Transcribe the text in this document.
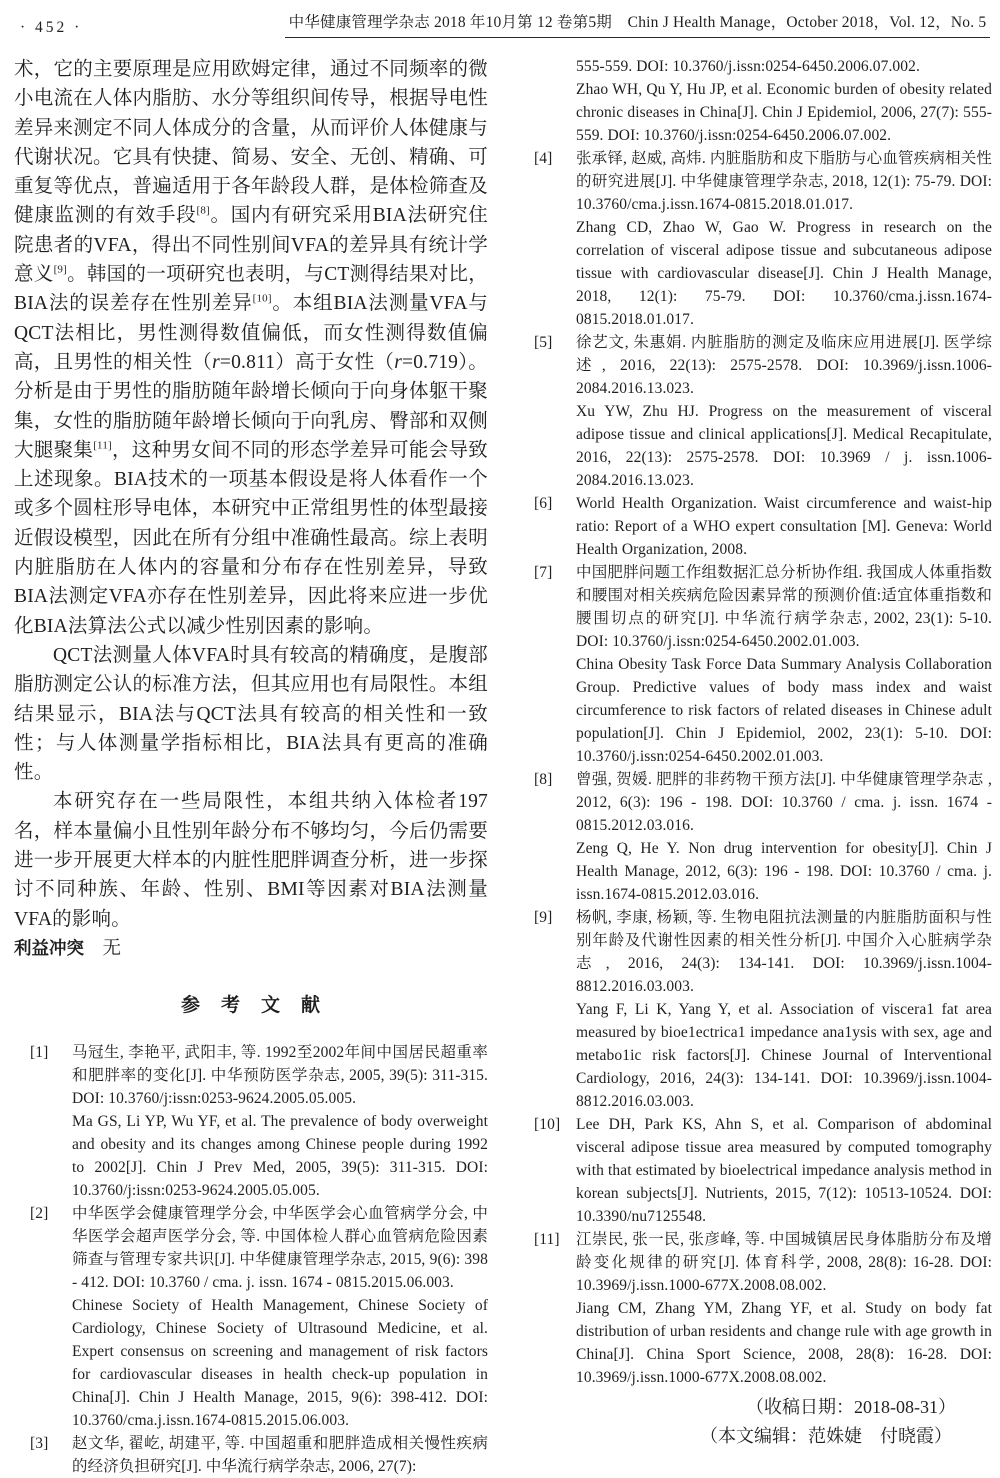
· 452 ·	中华健康管理学杂志 2018 年10月第 12 卷第5期　Chin J Health Manage，October 2018，Vol. 12，No. 5

术，它的主要原理是应用欧姆定律，通过不同频率的微小电流在人体内脂肪、水分等组织间传导，根据导电性差异来测定不同人体成分的含量，从而评价人体健康与代谢状况。它具有快捷、简易、安全、无创、精确、可重复等优点，普遍适用于各年龄段人群，是体检筛查及健康监测的有效手段[8]。国内有研究采用BIA法研究住院患者的VFA，得出不同性别间VFA的差异具有统计学意义[9]。韩国的一项研究也表明，与CT测得结果对比，BIA法的误差存在性别差异[10]。本组BIA法测量VFA与QCT法相比，男性测得数值偏低，而女性测得数值偏高，且男性的相关性（r=0.811）高于女性（r=0.719）。分析是由于男性的脂肪随年龄增长倾向于向身体躯干聚集，女性的脂肪随年龄增长倾向于向乳房、臀部和双侧大腿聚集[11]，这种男女间不同的形态学差异可能会导致上述现象。BIA技术的一项基本假设是将人体看作一个或多个圆柱形导电体，本研究中正常组男性的体型最接近假设模型，因此在所有分组中准确性最高。综上表明内脏脂肪在人体内的容量和分布存在性别差异，导致BIA法测定VFA亦存在性别差异，因此将来应进一步优化BIA法算法公式以减少性别因素的影响。

QCT法测量人体VFA时具有较高的精确度，是腹部脂肪测定公认的标准方法，但其应用也有局限性。本组结果显示，BIA法与QCT法具有较高的相关性和一致性；与人体测量学指标相比，BIA法具有更高的准确性。

本研究存在一些局限性，本组共纳入体检者197名，样本量偏小且性别年龄分布不够均匀，今后仍需要进一步开展更大样本的内脏性肥胖调查分析，进一步探讨不同种族、年龄、性别、BMI等因素对BIA法测量VFA的影响。

利益冲突 无

参　考　文　献
[1] 马冠生, 李艳平, 武阳丰, 等. 1992至2002年间中国居民超重率和肥胖率的变化[J]. 中华预防医学杂志, 2005, 39(5): 311-315. DOI: 10.3760/j:issn:0253-9624.2005.05.005.
Ma GS, Li YP, Wu YF, et al. The prevalence of body overweight and obesity and its changes among Chinese people during 1992 to 2002[J]. Chin J Prev Med, 2005, 39(5): 311-315. DOI: 10.3760/j:issn:0253-9624.2005.05.005.
[2] 中华医学会健康管理学分会, 中华医学会心血管病学分会, 中华医学会超声医学分会, 等. 中国体检人群心血管病危险因素筛查与管理专家共识[J]. 中华健康管理学杂志, 2015, 9(6): 398 - 412. DOI: 10.3760 / cma. j. issn. 1674 - 0815.2015.06.003.
Chinese Society of Health Management, Chinese Society of Cardiology, Chinese Society of Ultrasound Medicine, et al. Expert consensus on screening and management of risk factors for cardiovascular diseases in health check-up population in China[J]. Chin J Health Manage, 2015, 9(6): 398-412. DOI: 10.3760/cma.j.issn.1674-0815.2015.06.003.
[3] 赵文华, 翟屹, 胡建平, 等. 中国超重和肥胖造成相关慢性疾病的经济负担研究[J]. 中华流行病学杂志, 2006, 27(7):
555-559. DOI: 10.3760/j.issn:0254-6450.2006.07.002.
Zhao WH, Qu Y, Hu JP, et al. Economic burden of obesity related chronic diseases in China[J]. Chin J Epidemiol, 2006, 27(7): 555-559. DOI: 10.3760/j.issn:0254-6450.2006.07.002.
[4] 张承铎, 赵威, 高炜. 内脏脂肪和皮下脂肪与心血管疾病相关性的研究进展[J]. 中华健康管理学杂志, 2018, 12(1): 75-79. DOI: 10.3760/cma.j.issn.1674-0815.2018.01.017.
Zhang CD, Zhao W, Gao W. Progress in research on the correlation of visceral adipose tissue and subcutaneous adipose tissue with cardiovascular disease[J]. Chin J Health Manage, 2018, 12(1): 75-79. DOI: 10.3760/cma.j.issn.1674-0815.2018.01.017.
[5] 徐艺文, 朱惠娟. 内脏脂肪的测定及临床应用进展[J]. 医学综述, 2016, 22(13): 2575-2578. DOI: 10.3969/j.issn.1006-2084.2016.13.023.
Xu YW, Zhu HJ. Progress on the measurement of visceral adipose tissue and clinical applications[J]. Medical Recapitulate, 2016, 22(13): 2575-2578. DOI: 10.3969 / j. issn.1006-2084.2016.13.023.
[6] World Health Organization. Waist circumference and waist-hip ratio: Report of a WHO expert consultation [M]. Geneva: World Health Organization, 2008.
[7] 中国肥胖问题工作组数据汇总分析协作组. 我国成人体重指数和腰围对相关疾病危险因素异常的预测价值:适宜体重指数和腰围切点的研究[J]. 中华流行病学杂志, 2002, 23(1): 5-10. DOI: 10.3760/j.issn:0254-6450.2002.01.003.
China Obesity Task Force Data Summary Analysis Collaboration Group. Predictive values of body mass index and waist circumference to risk factors of related diseases in Chinese adult population[J]. Chin J Epidemiol, 2002, 23(1): 5-10. DOI: 10.3760/j.issn:0254-6450.2002.01.003.
[8] 曾强, 贺媛. 肥胖的非药物干预方法[J]. 中华健康管理学杂志 , 2012, 6(3): 196 - 198. DOI: 10.3760 / cma. j. issn. 1674 - 0815.2012.03.016.
Zeng Q, He Y. Non drug intervention for obesity[J]. Chin J Health Manage, 2012, 6(3): 196 - 198. DOI: 10.3760 / cma. j. issn.1674-0815.2012.03.016.
[9] 杨帆, 李康, 杨颖, 等. 生物电阻抗法测量的内脏脂肪面积与性别年龄及代谢性因素的相关性分析[J]. 中国介入心脏病学杂志, 2016, 24(3): 134-141. DOI: 10.3969/j.issn.1004-8812.2016.03.003.
Yang F, Li K, Yang Y, et al. Association of viscera1 fat area measured by bioe1ectrica1 impedance ana1ysis with sex, age and metabo1ic risk factors[J]. Chinese Journal of Interventional Cardiology, 2016, 24(3): 134-141. DOI: 10.3969/j.issn.1004-8812.2016.03.003.
[10] Lee DH, Park KS, Ahn S, et al. Comparison of abdominal visceral adipose tissue area measured by computed tomography with that estimated by bioelectrical impedance analysis method in korean subjects[J]. Nutrients, 2015, 7(12): 10513-10524. DOI: 10.3390/nu7125548.
[11] 江崇民, 张一民, 张彦峰, 等. 中国城镇居民身体脂肪分布及增龄变化规律的研究[J]. 体育科学, 2008, 28(8): 16-28. DOI: 10.3969/j.issn.1000-677X.2008.08.002.
Jiang CM, Zhang YM, Zhang YF, et al. Study on body fat distribution of urban residents and change rule with age growth in China[J]. China Sport Science, 2008, 28(8): 16-28. DOI: 10.3969/j.issn.1000-677X.2008.08.002.
（收稿日期：2018-08-31）
（本文编辑：范姝婕　付晓霞）
